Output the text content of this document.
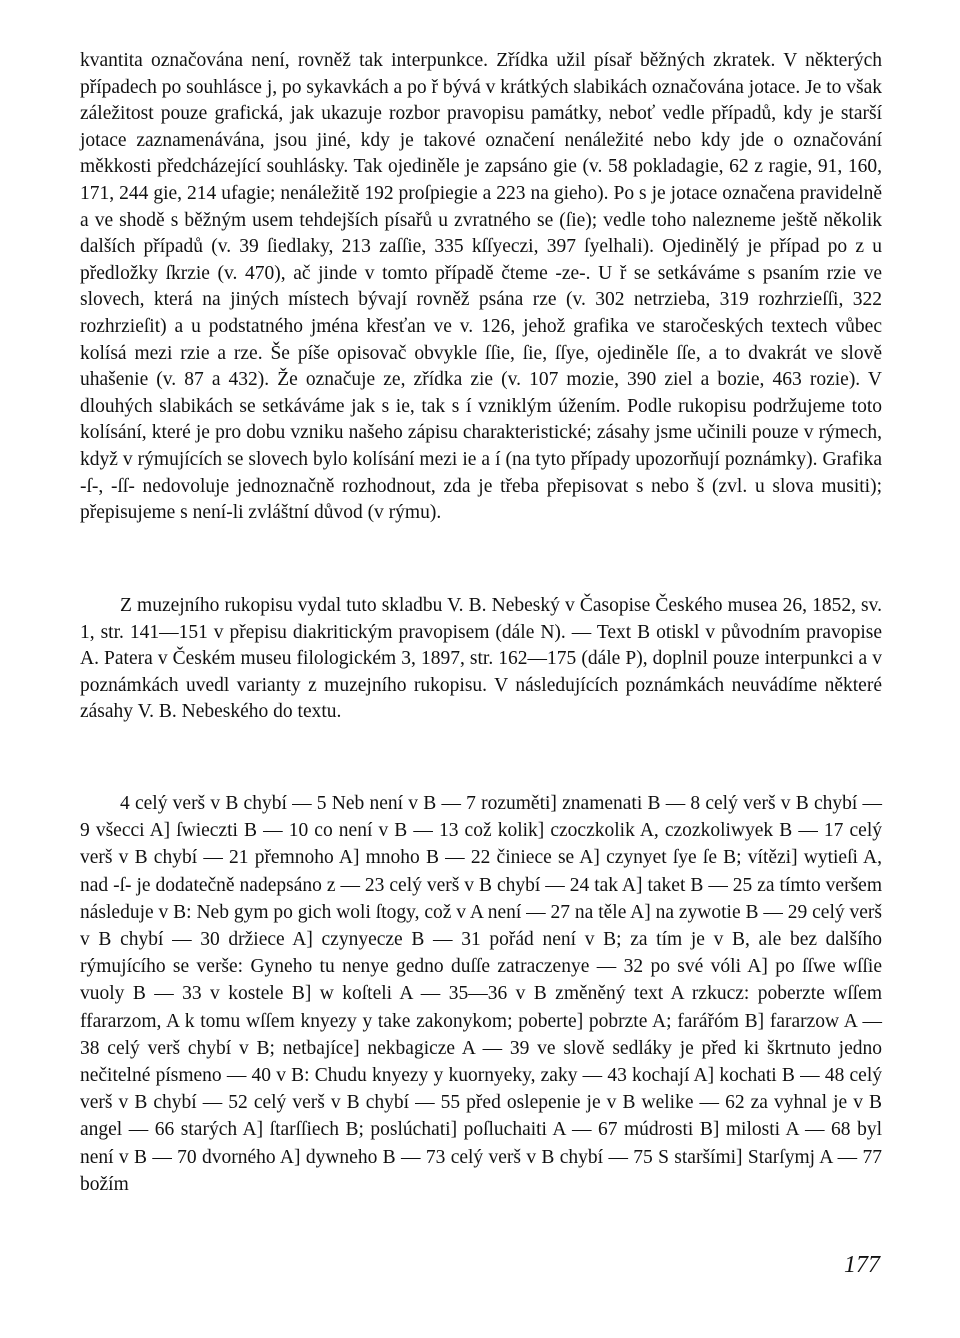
kvantita označována není, rovněž tak interpunkce. Zřídka užil písař běžných zkratek. V některých případech po souhlásce j, po sykavkách a po ř bývá v krátkých slabikách označována jotace. Je to však záležitost pouze grafická, jak ukazuje rozbor pravopisu památky, neboť vedle případů, kdy je starší jotace zaznamenávána, jsou jiné, kdy je takové označení nenáležité nebo kdy jde o označování měkkosti předcházející souhlásky. Tak ojediněle je zapsáno gie (v. 58 pokladagie, 62 z ragie, 91, 160, 171, 244 gie, 214 ufagie; nenáležitě 192 proſpiegie a 223 na gieho). Po s je jotace označena pravidelně a ve shodě s běžným usem tehdejších písařů u zvratného se (ſie); vedle toho nalezneme ještě několik dalších případů (v. 39 ſiedlaky, 213 zaſſie, 335 kſſyeczi, 397 ſyelhali). Ojedinělý je případ po z u předložky ſkrzie (v. 470), ač jinde v tomto případě čteme -ze-. U ř se setkáváme s psaním rzie ve slovech, která na jiných místech bývají rovněž psána rze (v. 302 netrzieba, 319 rozhrzieſſi, 322 rozhrzieſit) a u podstatného jména křesťan ve v. 126, jehož grafika ve staročeských textech vůbec kolísá mezi rzie a rze. Še píše opisovač obvykle ſſie, ſie, ſſye, ojediněle ſſe, a to dvakrát ve slově uhašenie (v. 87 a 432). Že označuje ze, zřídka zie (v. 107 mozie, 390 ziel a bozie, 463 rozie). V dlouhých slabikách se setkáváme jak s ie, tak s í vzniklým úžením. Podle rukopisu podržujeme toto kolísání, které je pro dobu vzniku našeho zápisu charakteristické; zásahy jsme učinili pouze v rýmech, když v rýmujících se slovech bylo kolísání mezi ie a í (na tyto případy upozorňují poznámky). Grafika -ſ-, -ſſ- nedovoluje jednoznačně rozhodnout, zda je třeba přepisovat s nebo š (zvl. u slova musiti); přepisujeme s není-li zvláštní důvod (v rýmu).

Z muzejního rukopisu vydal tuto skladbu V. B. Nebeský v Časopise Českého musea 26, 1852, sv. 1, str. 141—151 v přepisu diakritickým pravopisem (dále N). — Text B otiskl v původním pravopise A. Patera v Českém museu filologickém 3, 1897, str. 162—175 (dále P), doplnil pouze interpunkci a v poznámkách uvedl varianty z muzejního rukopisu. V následujících poznámkách neuvádíme některé zásahy V. B. Nebeského do textu.

4 celý verš v B chybí — 5 Neb není v B — 7 rozuměti] znamenati B — 8 celý verš v B chybí — 9 všecci A] ſwieczti B — 10 co není v B — 13 což kolik] czoczkolik A, czozkoliwyek B — 17 celý verš v B chybí — 21 přemnoho A] mnoho B — 22 činiece se A] czynyet ſye ſe B; vítězi] wytieſi A, nad -ſ- je dodatečně nadepsáno z — 23 celý verš v B chybí — 24 tak A] taket B — 25 za tímto veršem následuje v B: Neb gym po gich woli ſtogy, což v A není — 27 na těle A] na zywotie B — 29 celý verš v B chybí — 30 držiece A] czynyecze B — 31 pořád není v B; za tím je v B, ale bez dalšího rýmujícího se verše: Gyneho tu nenye gedno duſſe zatraczenye — 32 po své vóli A] po ſſwe wſſie vuoly B — 33 v kostele B] w koſteli A — 35—36 v B změněný text A rzkucz: poberzte wſſem ffararzom, A k tomu wſſem knyezy y take zakonykom; poberte] pobrzte A; farářóm B] fararzow A — 38 celý verš chybí v B; netbajíce] nekbagicze A — 39 ve slově sedláky je před ki škrtnuto jedno nečitelné písmeno — 40 v B: Chudu knyezy y kuornyeky, zaky — 43 kochají A] kochati B — 48 celý verš v B chybí — 52 celý verš v B chybí — 55 před oslepenie je v B welike — 62 za vyhnal je v B angel — 66 starých A] ſtarſſiech B; poslúchati] poſluchaiti A — 67 múdrosti B] milosti A — 68 byl není v B — 70 dvorného A] dywneho B — 73 celý verš v B chybí — 75 S staršími] Starſymj A — 77 božím

177
